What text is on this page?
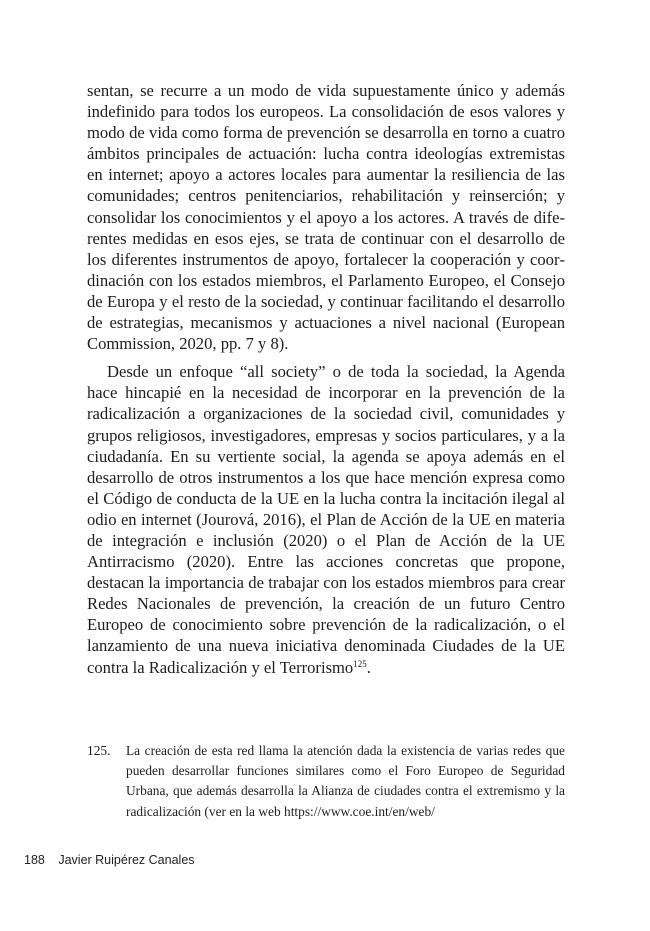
sentan, se recurre a un modo de vida supuestamente único y además indefinido para todos los europeos. La consolidación de esos valores y modo de vida como forma de prevención se desarrolla en torno a cuatro ámbitos principales de actuación: lucha contra ideologías extremistas en internet; apoyo a actores locales para aumentar la resiliencia de las comunidades; centros penitenciarios, rehabilitación y reinserción; y consolidar los conocimientos y el apoyo a los actores. A través de diferentes medidas en esos ejes, se trata de continuar con el desarrollo de los diferentes instrumentos de apoyo, fortalecer la cooperación y coordinación con los estados miembros, el Parlamento Europeo, el Consejo de Europa y el resto de la sociedad, y continuar facilitando el desarrollo de estrategias, mecanismos y actuaciones a nivel nacional (European Commission, 2020, pp. 7 y 8).

Desde un enfoque “all society” o de toda la sociedad, la Agenda hace hincapié en la necesidad de incorporar en la prevención de la radicalización a organizaciones de la sociedad civil, comunidades y grupos religiosos, investigadores, empresas y socios particulares, y a la ciudadanía. En su vertiente social, la agenda se apoya además en el desarrollo de otros instrumentos a los que hace mención expresa como el Código de conducta de la UE en la lucha contra la incitación ilegal al odio en internet (Jourová, 2016), el Plan de Acción de la UE en materia de integración e inclusión (2020) o el Plan de Acción de la UE Antirracismo (2020). Entre las acciones concretas que propone, destacan la importancia de trabajar con los estados miembros para crear Redes Nacionales de prevención, la creación de un futuro Centro Europeo de conocimiento sobre prevención de la radicalización, o el lanzamiento de una nueva iniciativa denominada Ciudades de la UE contra la Radicalización y el Terrorismo$^{125}$.

125. La creación de esta red llama la atención dada la existencia de varias redes que pueden desarrollar funciones similares como el Foro Europeo de Seguridad Urbana, que además desarrolla la Alianza de ciudades contra el extremismo y la radicalización (ver en la web https://www.coe.int/en/web/
188 Javier Ruipérez Canales
